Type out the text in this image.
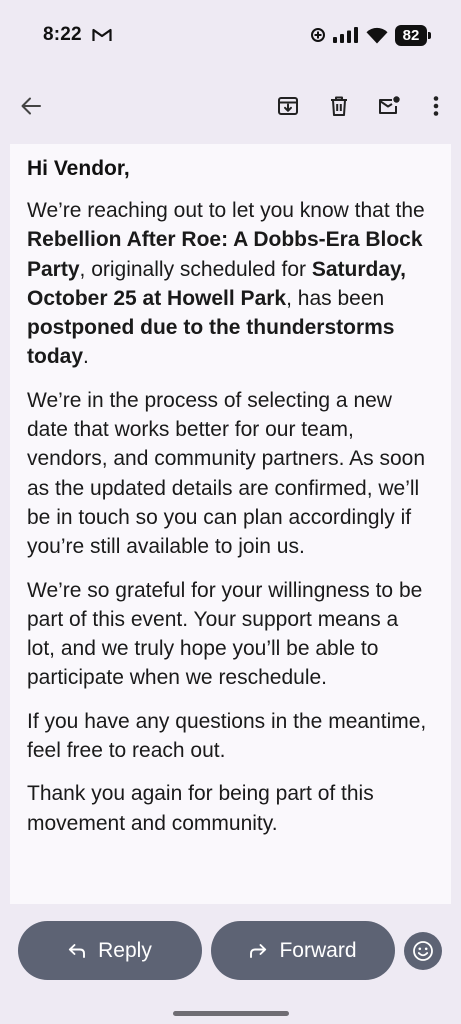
8:22	82

Hi Vendor,

We’re reaching out to let you know that the Rebellion After Roe: A Dobbs-Era Block Party, originally scheduled for Saturday, October 25 at Howell Park, has been postponed due to the thunderstorms today.

We’re in the process of selecting a new date that works better for our team, vendors, and community partners. As soon as the updated details are confirmed, we’ll be in touch so you can plan accordingly if you’re still available to join us.

We’re so grateful for your willingness to be part of this event. Your support means a lot, and we truly hope you’ll be able to participate when we reschedule.

If you have any questions in the meantime, feel free to reach out.

Thank you again for being part of this movement and community.

Reply	Forward
